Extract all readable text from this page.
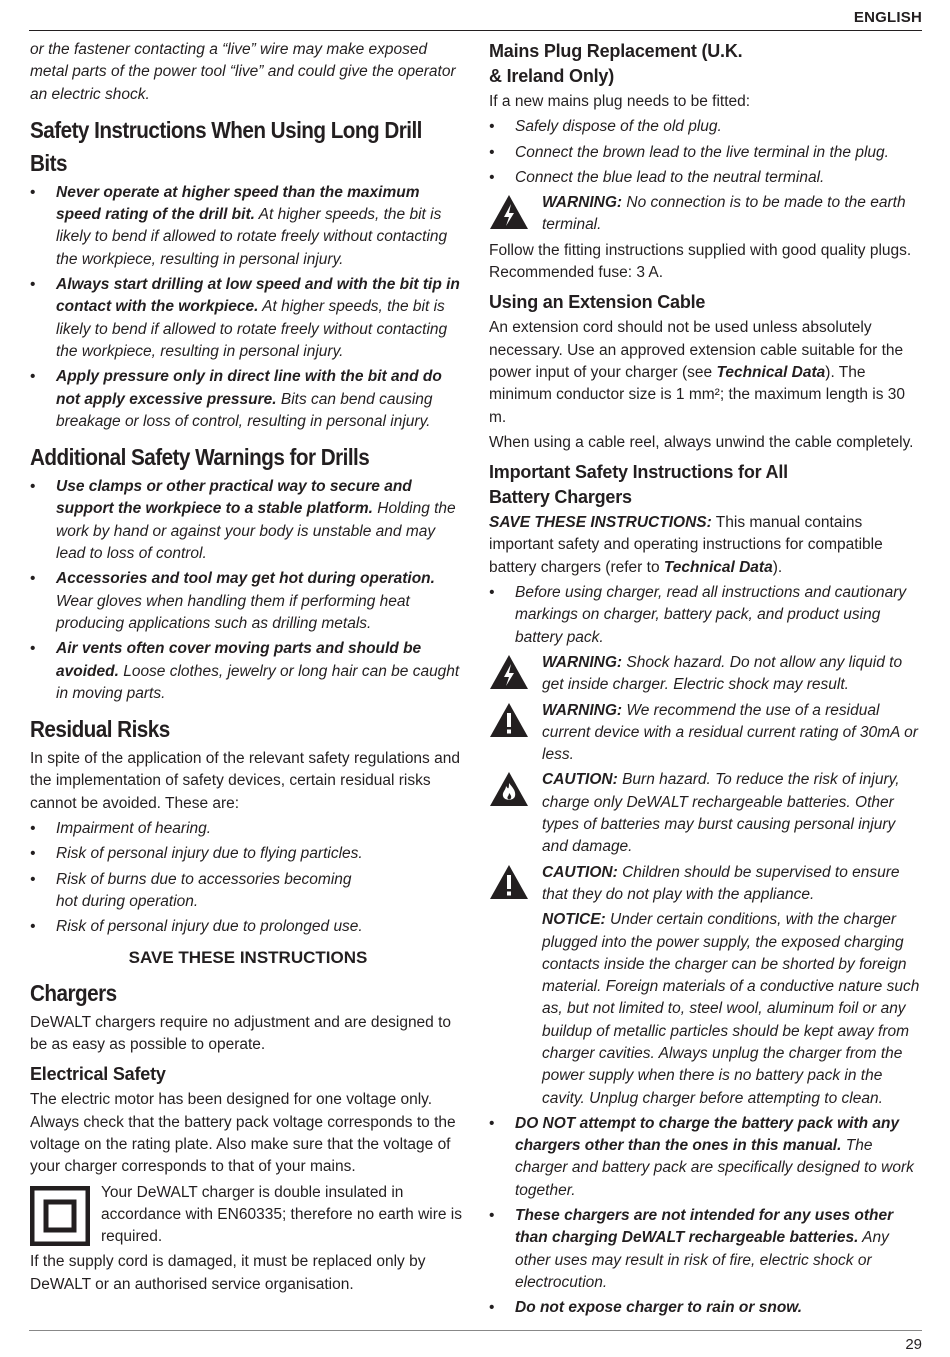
ENGLISH

or the fastener contacting a “live” wire may make exposed metal parts of the power tool “live” and could give the operator an electric shock.

Safety Instructions When Using Long Drill Bits
• Never operate at higher speed than the maximum speed rating of the drill bit. At higher speeds, the bit is likely to bend if allowed to rotate freely without contacting the workpiece, resulting in personal injury.
• Always start drilling at low speed and with the bit tip in contact with the workpiece. At higher speeds, the bit is likely to bend if allowed to rotate freely without contacting the workpiece, resulting in personal injury.
• Apply pressure only in direct line with the bit and do not apply excessive pressure. Bits can bend causing breakage or loss of control, resulting in personal injury.
Additional Safety Warnings for Drills
• Use clamps or other practical way to secure and support the workpiece to a stable platform. Holding the work by hand or against your body is unstable and may lead to loss of control.
• Accessories and tool may get hot during operation. Wear gloves when handling them if performing heat producing applications such as drilling metals.
• Air vents often cover moving parts and should be avoided. Loose clothes, jewelry or long hair can be caught in moving parts.
Residual Risks

In spite of the application of the relevant safety regulations and the implementation of safety devices, certain residual risks cannot be avoided. These are:

• Impairment of hearing.
• Risk of personal injury due to flying particles.
• Risk of burns due to accessories becoming hot during operation.
• Risk of personal injury due to prolonged use.
SAVE THESE INSTRUCTIONS
Chargers

DeWALT chargers require no adjustment and are designed to be as easy as possible to operate.

Electrical Safety

The electric motor has been designed for one voltage only. Always check that the battery pack voltage corresponds to the voltage on the rating plate. Also make sure that the voltage of your charger corresponds to that of your mains.

Your DeWALT charger is double insulated in accordance with EN60335; therefore no earth wire is required.

If the supply cord is damaged, it must be replaced only by DeWALT or an authorised service organisation.

Mains Plug Replacement (U.K. & Ireland Only)

If a new mains plug needs to be fitted:

• Safely dispose of the old plug.
• Connect the brown lead to the live terminal in the plug.
• Connect the blue lead to the neutral terminal.
WARNING: No connection is to be made to the earth terminal.

Follow the fitting instructions supplied with good quality plugs. Recommended fuse: 3 A.

Using an Extension Cable

An extension cord should not be used unless absolutely necessary. Use an approved extension cable suitable for the power input of your charger (see Technical Data). The minimum conductor size is 1 mm²; the maximum length is 30 m.

When using a cable reel, always unwind the cable completely.

Important Safety Instructions for All Battery Chargers

SAVE THESE INSTRUCTIONS: This manual contains important safety and operating instructions for compatible battery chargers (refer to Technical Data).

• Before using charger, read all instructions and cautionary markings on charger, battery pack, and product using battery pack.
WARNING: Shock hazard. Do not allow any liquid to get inside charger. Electric shock may result.
WARNING: We recommend the use of a residual current device with a residual current rating of 30mA or less.
CAUTION: Burn hazard. To reduce the risk of injury, charge only DeWALT rechargeable batteries. Other types of batteries may burst causing personal injury and damage.
CAUTION: Children should be supervised to ensure that they do not play with the appliance.
NOTICE: Under certain conditions, with the charger plugged into the power supply, the exposed charging contacts inside the charger can be shorted by foreign material. Foreign materials of a conductive nature such as, but not limited to, steel wool, aluminum foil or any buildup of metallic particles should be kept away from charger cavities. Always unplug the charger from the power supply when there is no battery pack in the cavity. Unplug charger before attempting to clean.
• DO NOT attempt to charge the battery pack with any chargers other than the ones in this manual. The charger and battery pack are specifically designed to work together.
• These chargers are not intended for any uses other than charging DeWALT rechargeable batteries. Any other uses may result in risk of fire, electric shock or electrocution.
• Do not expose charger to rain or snow.
29
